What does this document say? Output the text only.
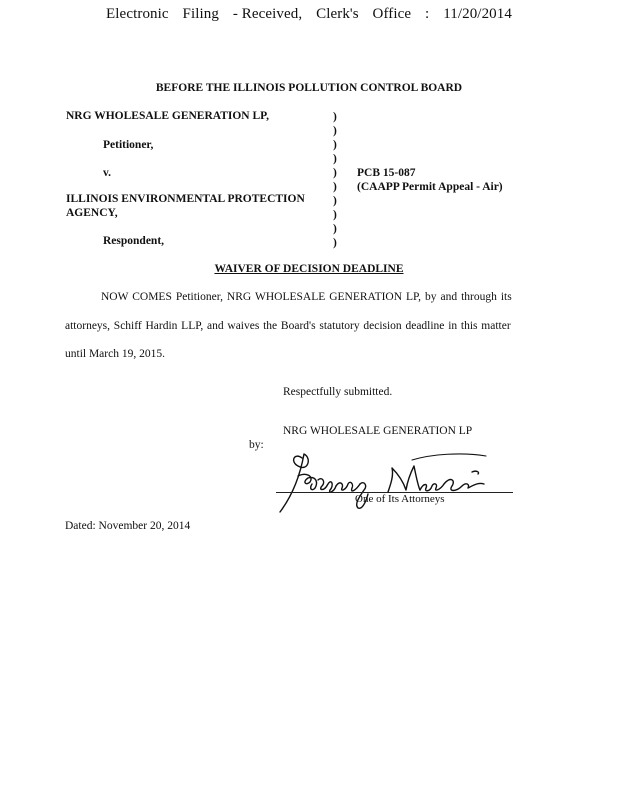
Electronic Filing - Received, Clerk's Office : 11/20/2014
BEFORE THE ILLINOIS POLLUTION CONTROL BOARD
NRG WHOLESALE GENERATION LP,
Petitioner,
v.
ILLINOIS ENVIRONMENTAL PROTECTION
AGENCY,
Respondent,
)
)
)
)
)
)
)
)
)
)
PCB 15-087
(CAAPP Permit Appeal - Air)
WAIVER OF DECISION DEADLINE
NOW COMES Petitioner, NRG WHOLESALE GENERATION LP, by and through its
attorneys, Schiff Hardin LLP, and waives the Board's statutory decision deadline in this matter
until March 19, 2015.
Respectfully submitted.
NRG WHOLESALE GENERATION LP
by:
One of Its Attorneys
Dated: November 20, 2014
